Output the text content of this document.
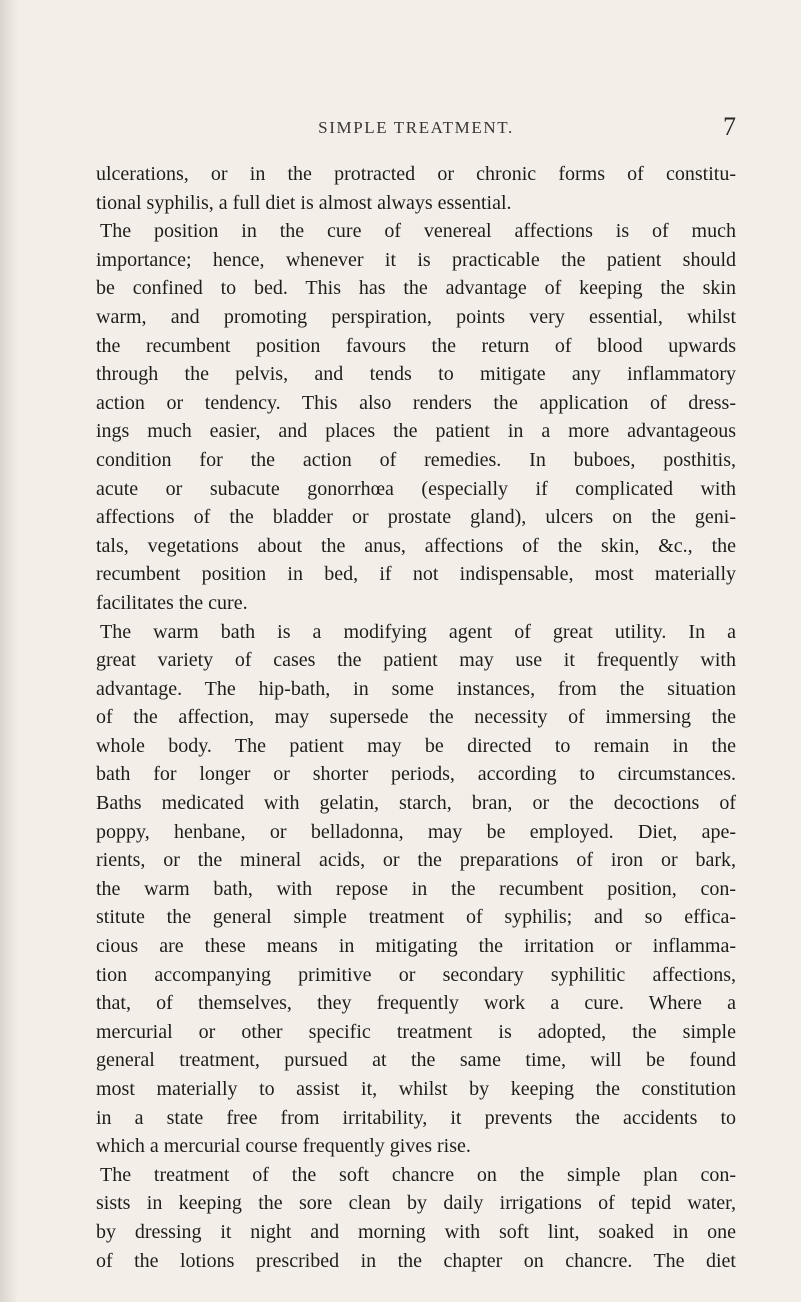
SIMPLE TREATMENT.	7
ulcerations, or in the protracted or chronic forms of constitu-
tional syphilis, a full diet is almost always essential.
The position in the cure of venereal affections is of much
importance; hence, whenever it is practicable the patient should
be confined to bed. This has the advantage of keeping the skin
warm, and promoting perspiration, points very essential, whilst
the recumbent position favours the return of blood upwards
through the pelvis, and tends to mitigate any inflammatory
action or tendency. This also renders the application of dress-
ings much easier, and places the patient in a more advantageous
condition for the action of remedies. In buboes, posthitis,
acute or subacute gonorrhœa (especially if complicated with
affections of the bladder or prostate gland), ulcers on the geni-
tals, vegetations about the anus, affections of the skin, &c., the
recumbent position in bed, if not indispensable, most materially
facilitates the cure.
The warm bath is a modifying agent of great utility. In a
great variety of cases the patient may use it frequently with
advantage. The hip-bath, in some instances, from the situation
of the affection, may supersede the necessity of immersing the
whole body. The patient may be directed to remain in the
bath for longer or shorter periods, according to circumstances.
Baths medicated with gelatin, starch, bran, or the decoctions of
poppy, henbane, or belladonna, may be employed. Diet, ape-
rients, or the mineral acids, or the preparations of iron or bark,
the warm bath, with repose in the recumbent position, con-
stitute the general simple treatment of syphilis; and so effica-
cious are these means in mitigating the irritation or inflamma-
tion accompanying primitive or secondary syphilitic affections,
that, of themselves, they frequently work a cure. Where a
mercurial or other specific treatment is adopted, the simple
general treatment, pursued at the same time, will be found
most materially to assist it, whilst by keeping the constitution
in a state free from irritability, it prevents the accidents to
which a mercurial course frequently gives rise.
The treatment of the soft chancre on the simple plan con-
sists in keeping the sore clean by daily irrigations of tepid water,
by dressing it night and morning with soft lint, soaked in one
of the lotions prescribed in the chapter on chancre. The diet
